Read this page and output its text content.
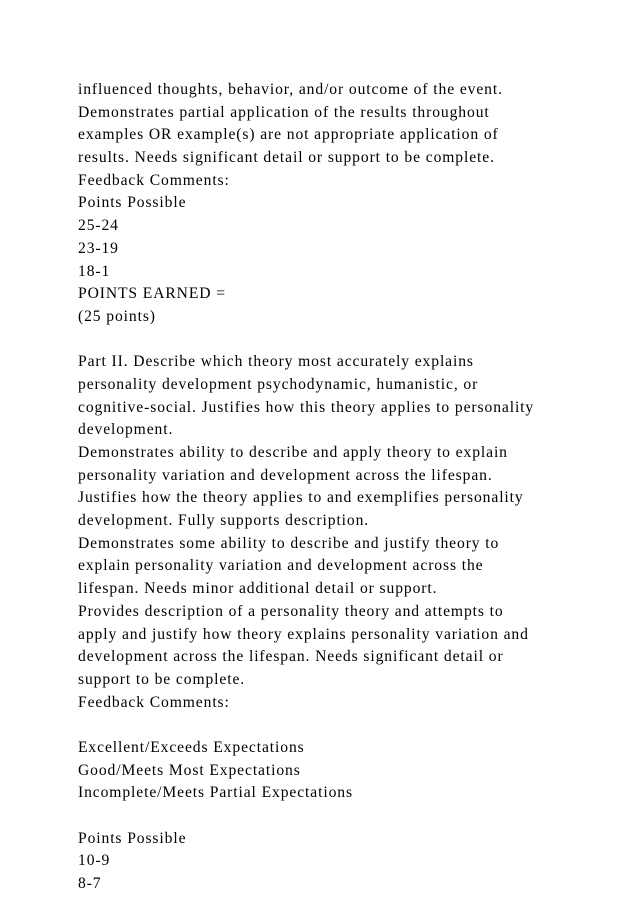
influenced thoughts, behavior, and/or outcome of the event.
Demonstrates partial application of the results throughout
examples OR example(s) are not appropriate application of
results. Needs significant detail or support to be complete.
Feedback Comments:
Points Possible
25-24
23-19
18-1
POINTS EARNED =
(25 points)
Part II. Describe which theory most accurately explains
personality development psychodynamic, humanistic, or
cognitive-social. Justifies how this theory applies to personality
development.
Demonstrates ability to describe and apply theory to explain
personality variation and development across the lifespan.
Justifies how the theory applies to and exemplifies personality
development. Fully supports description.
Demonstrates some ability to describe and justify theory to
explain personality variation and development across the
lifespan. Needs minor additional detail or support.
Provides description of a personality theory and attempts to
apply and justify how theory explains personality variation and
development across the lifespan. Needs significant detail or
support to be complete.
Feedback Comments:
Excellent/Exceeds Expectations
Good/Meets Most Expectations
Incomplete/Meets Partial Expectations
Points Possible
10-9
8-7
